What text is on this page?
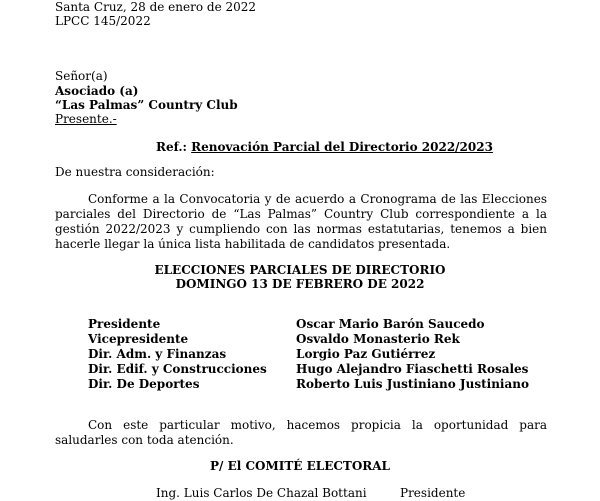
Santa Cruz, 28 de enero de 2022
LPCC 145/2022
Señor(a)
Asociado (a)
“Las Palmas” Country Club
Presente.-
Ref.: Renovación Parcial del Directorio 2022/2023
De nuestra consideración:
Conforme a la Convocatoria y de acuerdo a Cronograma de las Elecciones parciales del Directorio de “Las Palmas” Country Club correspondiente a la gestión 2022/2023 y cumpliendo con las normas estatutarias, tenemos a bien hacerle llegar la única lista habilitada de candidatos presentada.
ELECCIONES PARCIALES DE DIRECTORIO
DOMINGO 13 DE FEBRERO DE 2022
Presidente	Oscar Mario Barón Saucedo
Vicepresidente	Osvaldo Monasterio Rek
Dir. Adm. y Finanzas	Lorgio Paz Gutiérrez
Dir. Edif. y Construcciones	Hugo Alejandro Fiaschetti Rosales
Dir. De Deportes	Roberto Luis Justiniano Justiniano
Con este particular motivo, hacemos propicia la oportunidad para saludarles con toda atención.
P/ El COMITÉ ELECTORAL
Ing. Luis Carlos De Chazal Bottani	Presidente
